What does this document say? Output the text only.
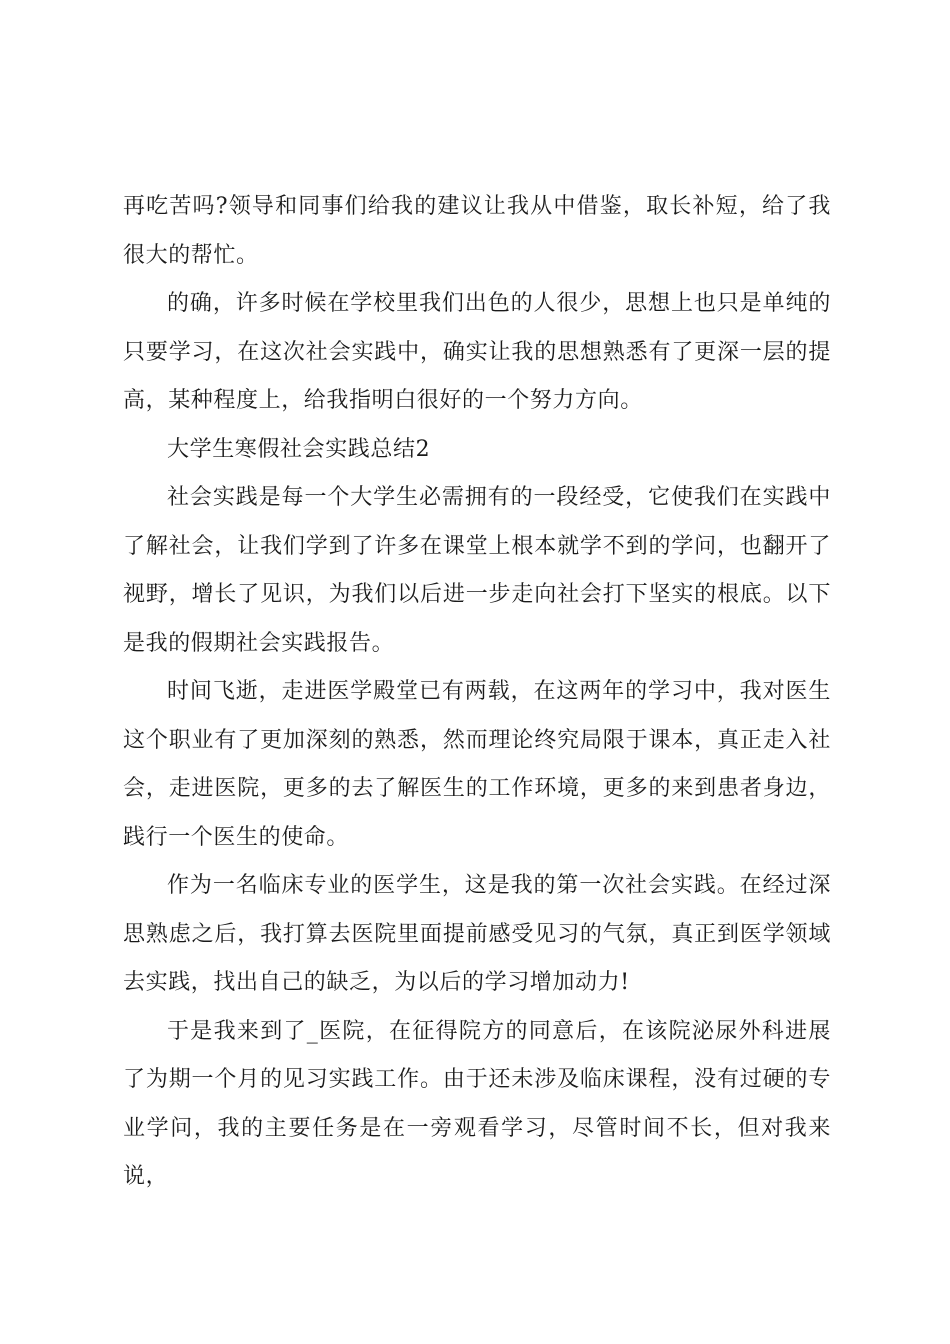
再吃苦吗?领导和同事们给我的建议让我从中借鉴，取长补短，给了我很大的帮忙。

的确，许多时候在学校里我们出色的人很少，思想上也只是单纯的只要学习，在这次社会实践中，确实让我的思想熟悉有了更深一层的提高，某种程度上，给我指明白很好的一个努力方向。

大学生寒假社会实践总结2

社会实践是每一个大学生必需拥有的一段经受，它使我们在实践中了解社会，让我们学到了许多在课堂上根本就学不到的学问，也翻开了视野，增长了见识，为我们以后进一步走向社会打下坚实的根底。以下是我的假期社会实践报告。

时间飞逝，走进医学殿堂已有两载，在这两年的学习中，我对医生这个职业有了更加深刻的熟悉，然而理论终究局限于课本，真正走入社会，走进医院，更多的去了解医生的工作环境，更多的来到患者身边，践行一个医生的使命。

作为一名临床专业的医学生，这是我的第一次社会实践。在经过深思熟虑之后，我打算去医院里面提前感受见习的气氛，真正到医学领域去实践，找出自己的缺乏，为以后的学习增加动力!

于是我来到了_医院，在征得院方的同意后，在该院泌尿外科进展了为期一个月的见习实践工作。由于还未涉及临床课程，没有过硬的专业学问，我的主要任务是在一旁观看学习，尽管时间不长，但对我来说，
